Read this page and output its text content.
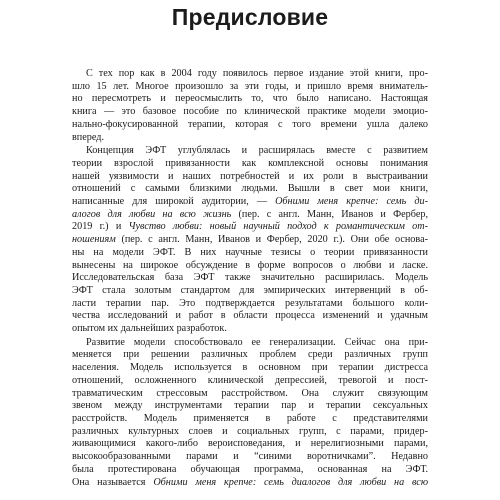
Предисловие
С тех пор как в 2004 году появилось первое издание этой книги, про-
шло 15 лет. Многое произошло за эти годы, и пришло время вниматель-
но пересмотреть и переосмыслить то, что было написано. Настоящая
книга — это базовое пособие по клинической практике модели эмоцио-
нально-фокусированной терапии, которая с того времени ушла далеко
вперед.
Концепция ЭФТ углублялась и расширялась вместе с развитием
теории взрослой привязанности как комплексной основы понимания
нашей уязвимости и наших потребностей и их роли в выстраивании
отношений с самыми близкими людьми. Вышли в свет мои книги,
написанные для широкой аудитории, — Обними меня крепче: семь ди-
алогов для любви на всю жизнь (пер. с англ. Манн, Иванов и Фербер,
2019 г.) и Чувство любви: новый научный подход к романтическим от-
ношениям (пер. с англ. Манн, Иванов и Фербер, 2020 г.). Они обе основа-
ны на модели ЭФТ. В них научные тезисы о теории привязанности
вынесены на широкое обсуждение в форме вопросов о любви и ласке.
Исследовательская база ЭФТ также значительно расширилась. Модель
ЭФТ стала золотым стандартом для эмпирических интервенций в об-
ласти терапии пар. Это подтверждается результатами большого коли-
чества исследований и работ в области процесса изменений и удачным
опытом их дальнейших разработок.
Развитие модели способствовало ее генерализации. Сейчас она при-
меняется при решении различных проблем среди различных групп
населения. Модель используется в основном при терапии дистресса
отношений, осложненного клинической депрессией, тревогой и пост-
травматическим стрессовым расстройством. Она служит связующим
звеном между инструментами терапии пар и терапии сексуальных
расстройств. Модель применяется в работе с представителями
различных культурных слоев и социальных групп, с парами, придер-
живающимися какого-либо вероисповедания, и нерелигиозными парами,
высокообразованными парами и “синими воротничками”. Недавно
была протестирована обучающая программа, основанная на ЭФТ.
Она называется Обними меня крепче: семь диалогов для любви на всю
